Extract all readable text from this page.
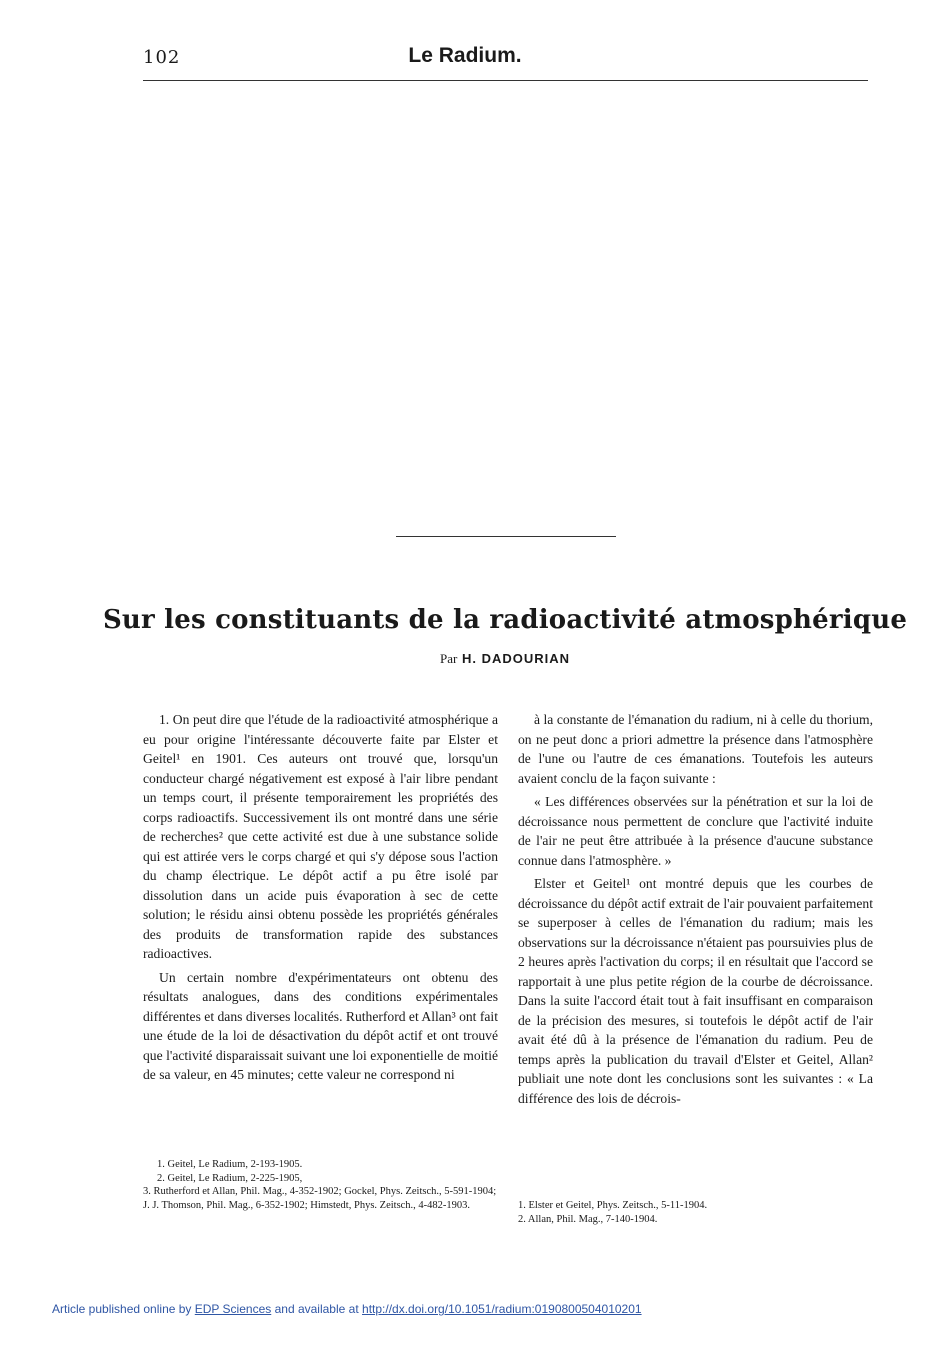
102	Le Radium.
Sur les constituants de la radioactivité atmosphérique
Par H. DADOURIAN

1. On peut dire que l'étude de la radioactivité atmosphérique a eu pour origine l'intéressante découverte faite par Elster et Geitel¹ en 1901. Ces auteurs ont trouvé que, lorsqu'un conducteur chargé négativement est exposé à l'air libre pendant un temps court, il présente temporairement les propriétés des corps radioactifs. Successivement ils ont montré dans une série de recherches² que cette activité est due à une substance solide qui est attirée vers le corps chargé et qui s'y dépose sous l'action du champ électrique. Le dépôt actif a pu être isolé par dissolution dans un acide puis évaporation à sec de cette solution; le résidu ainsi obtenu possède les propriétés générales des produits de transformation rapide des substances radioactives.

Un certain nombre d'expérimentateurs ont obtenu des résultats analogues, dans des conditions expérimentales différentes et dans diverses localités. Rutherford et Allan³ ont fait une étude de la loi de désactivation du dépôt actif et ont trouvé que l'activité disparaissait suivant une loi exponentielle de moitié de sa valeur, en 45 minutes; cette valeur ne correspond ni

à la constante de l'émanation du radium, ni à celle du thorium, on ne peut donc a priori admettre la présence dans l'atmosphère de l'une ou l'autre de ces émanations. Toutefois les auteurs avaient conclu de la façon suivante :

« Les différences observées sur la pénétration et sur la loi de décroissance nous permettent de conclure que l'activité induite de l'air ne peut être attribuée à la présence d'aucune substance connue dans l'atmosphère. »

Elster et Geitel¹ ont montré depuis que les courbes de décroissance du dépôt actif extrait de l'air pouvaient parfaitement se superposer à celles de l'émanation du radium; mais les observations sur la décroissance n'étaient pas poursuivies plus de 2 heures après l'activation du corps; il en résultait que l'accord se rapportait à une plus petite région de la courbe de décroissance. Dans la suite l'accord était tout à fait insuffisant en comparaison de la précision des mesures, si toutefois le dépôt actif de l'air avait été dû à la présence de l'émanation du radium. Peu de temps après la publication du travail d'Elster et Geitel, Allan² publiait une note dont les conclusions sont les suivantes : « La différence des lois de décrois-

1. Geitel, Le Radium, 2-193-1905.
2. Geitel, Le Radium, 2-225-1905,
3. Rutherford et Allan, Phil. Mag., 4-352-1902; Gockel, Phys. Zeitsch., 5-591-1904; J. J. Thomson, Phil. Mag., 6-352-1902; Himstedt, Phys. Zeitsch., 4-482-1903.	1. Elster et Geitel, Phys. Zeitsch., 5-11-1904.
2. Allan, Phil. Mag., 7-140-1904.
Article published online by EDP Sciences and available at http://dx.doi.org/10.1051/radium:0190800504010201
